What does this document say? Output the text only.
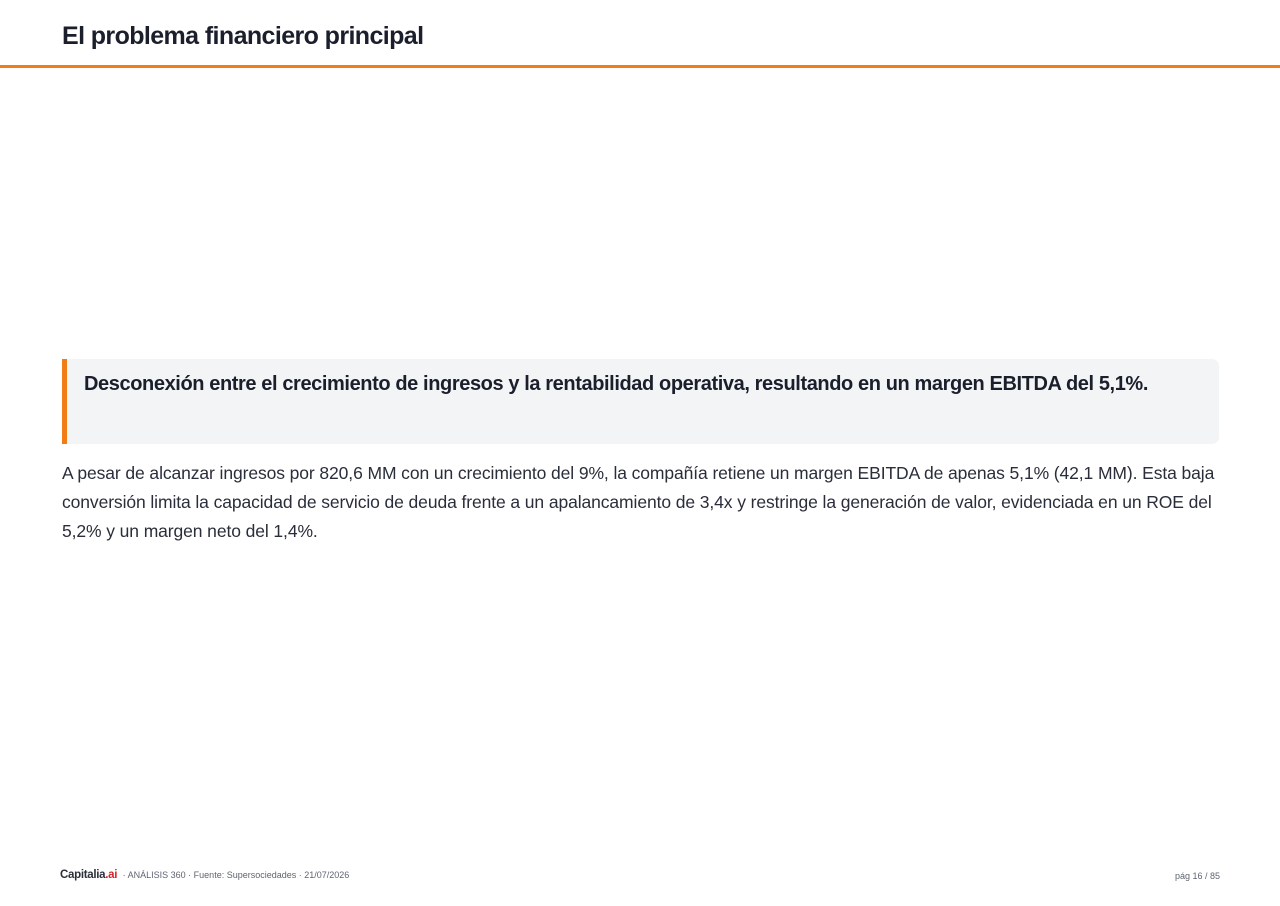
El problema financiero principal

Desconexión entre el crecimiento de ingresos y la rentabilidad operativa, resultando en un margen EBITDA del 5,1%.

A pesar de alcanzar ingresos por 820,6 MM con un crecimiento del 9%, la compañía retiene un margen EBITDA de apenas 5,1% (42,1 MM). Esta baja conversión limita la capacidad de servicio de deuda frente a un apalancamiento de 3,4x y restringe la generación de valor, evidenciada en un ROE del 5,2% y un margen neto del 1,4%.

Capitalia.ai · ANÁLISIS 360 · Fuente: Supersociedades · 21/07/2026	pág 16 / 85
